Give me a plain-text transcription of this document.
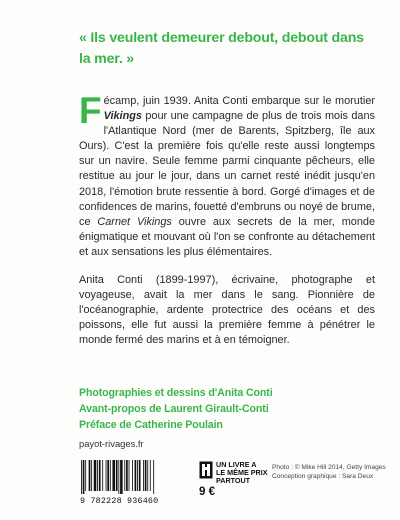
« Ils veulent demeurer debout, debout dans la mer. »

Fécamp, juin 1939. Anita Conti embarque sur le morutier Vikings pour une campagne de plus de trois mois dans l'Atlantique Nord (mer de Barents, Spitzberg, île aux Ours). C'est la première fois qu'elle reste aussi longtemps sur un navire. Seule femme parmi cinquante pêcheurs, elle restitue au jour le jour, dans un carnet resté inédit jusqu'en 2018, l'émotion brute ressentie à bord. Gorgé d'images et de confidences de marins, fouetté d'embruns ou noyé de brume, ce Carnet Vikings ouvre aux secrets de la mer, monde énigmatique et mouvant où l'on se confronte au détachement et aux sensations les plus élémentaires.

Anita Conti (1899-1997), écrivaine, photographe et voyageuse, avait la mer dans le sang. Pionnière de l'océanographie, ardente protectrice des océans et des poissons, elle fut aussi la première femme à pénétrer le monde fermé des marins et à en témoigner.

Photographies et dessins d'Anita Conti
Avant-propos de Laurent Girault-Conti
Préface de Catherine Poulain
payot-rivages.fr
9 782228 936460
UN LIVRE A
LE MÊME PRIX
PARTOUT
9 €
Photo : © Mike Hill 2014, Getty Images
Conception graphique : Sara Deux
